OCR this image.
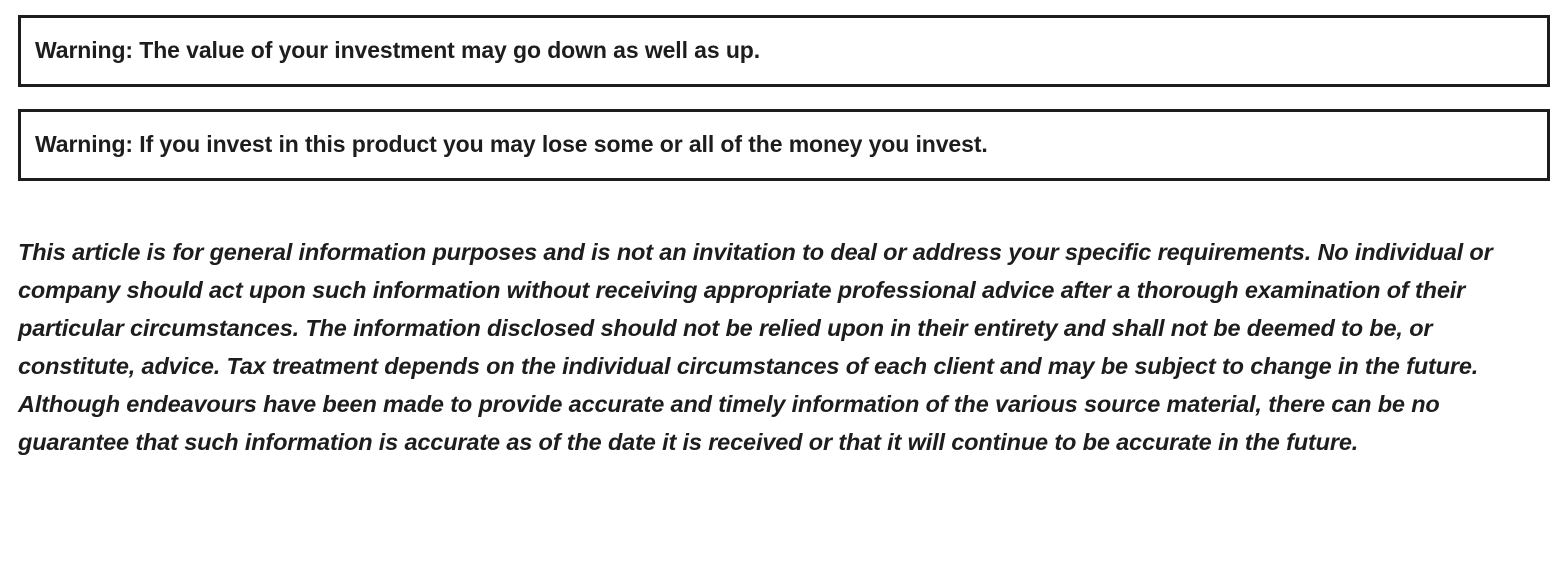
Warning: The value of your investment may go down as well as up.
Warning: If you invest in this product you may lose some or all of the money you invest.
This article is for general information purposes and is not an invitation to deal or address your specific requirements. No individual or company should act upon such information without receiving appropriate professional advice after a thorough examination of their particular circumstances. The information disclosed should not be relied upon in their entirety and shall not be deemed to be, or constitute, advice. Tax treatment depends on the individual circumstances of each client and may be subject to change in the future. Although endeavours have been made to provide accurate and timely information of the various source material, there can be no guarantee that such information is accurate as of the date it is received or that it will continue to be accurate in the future.
